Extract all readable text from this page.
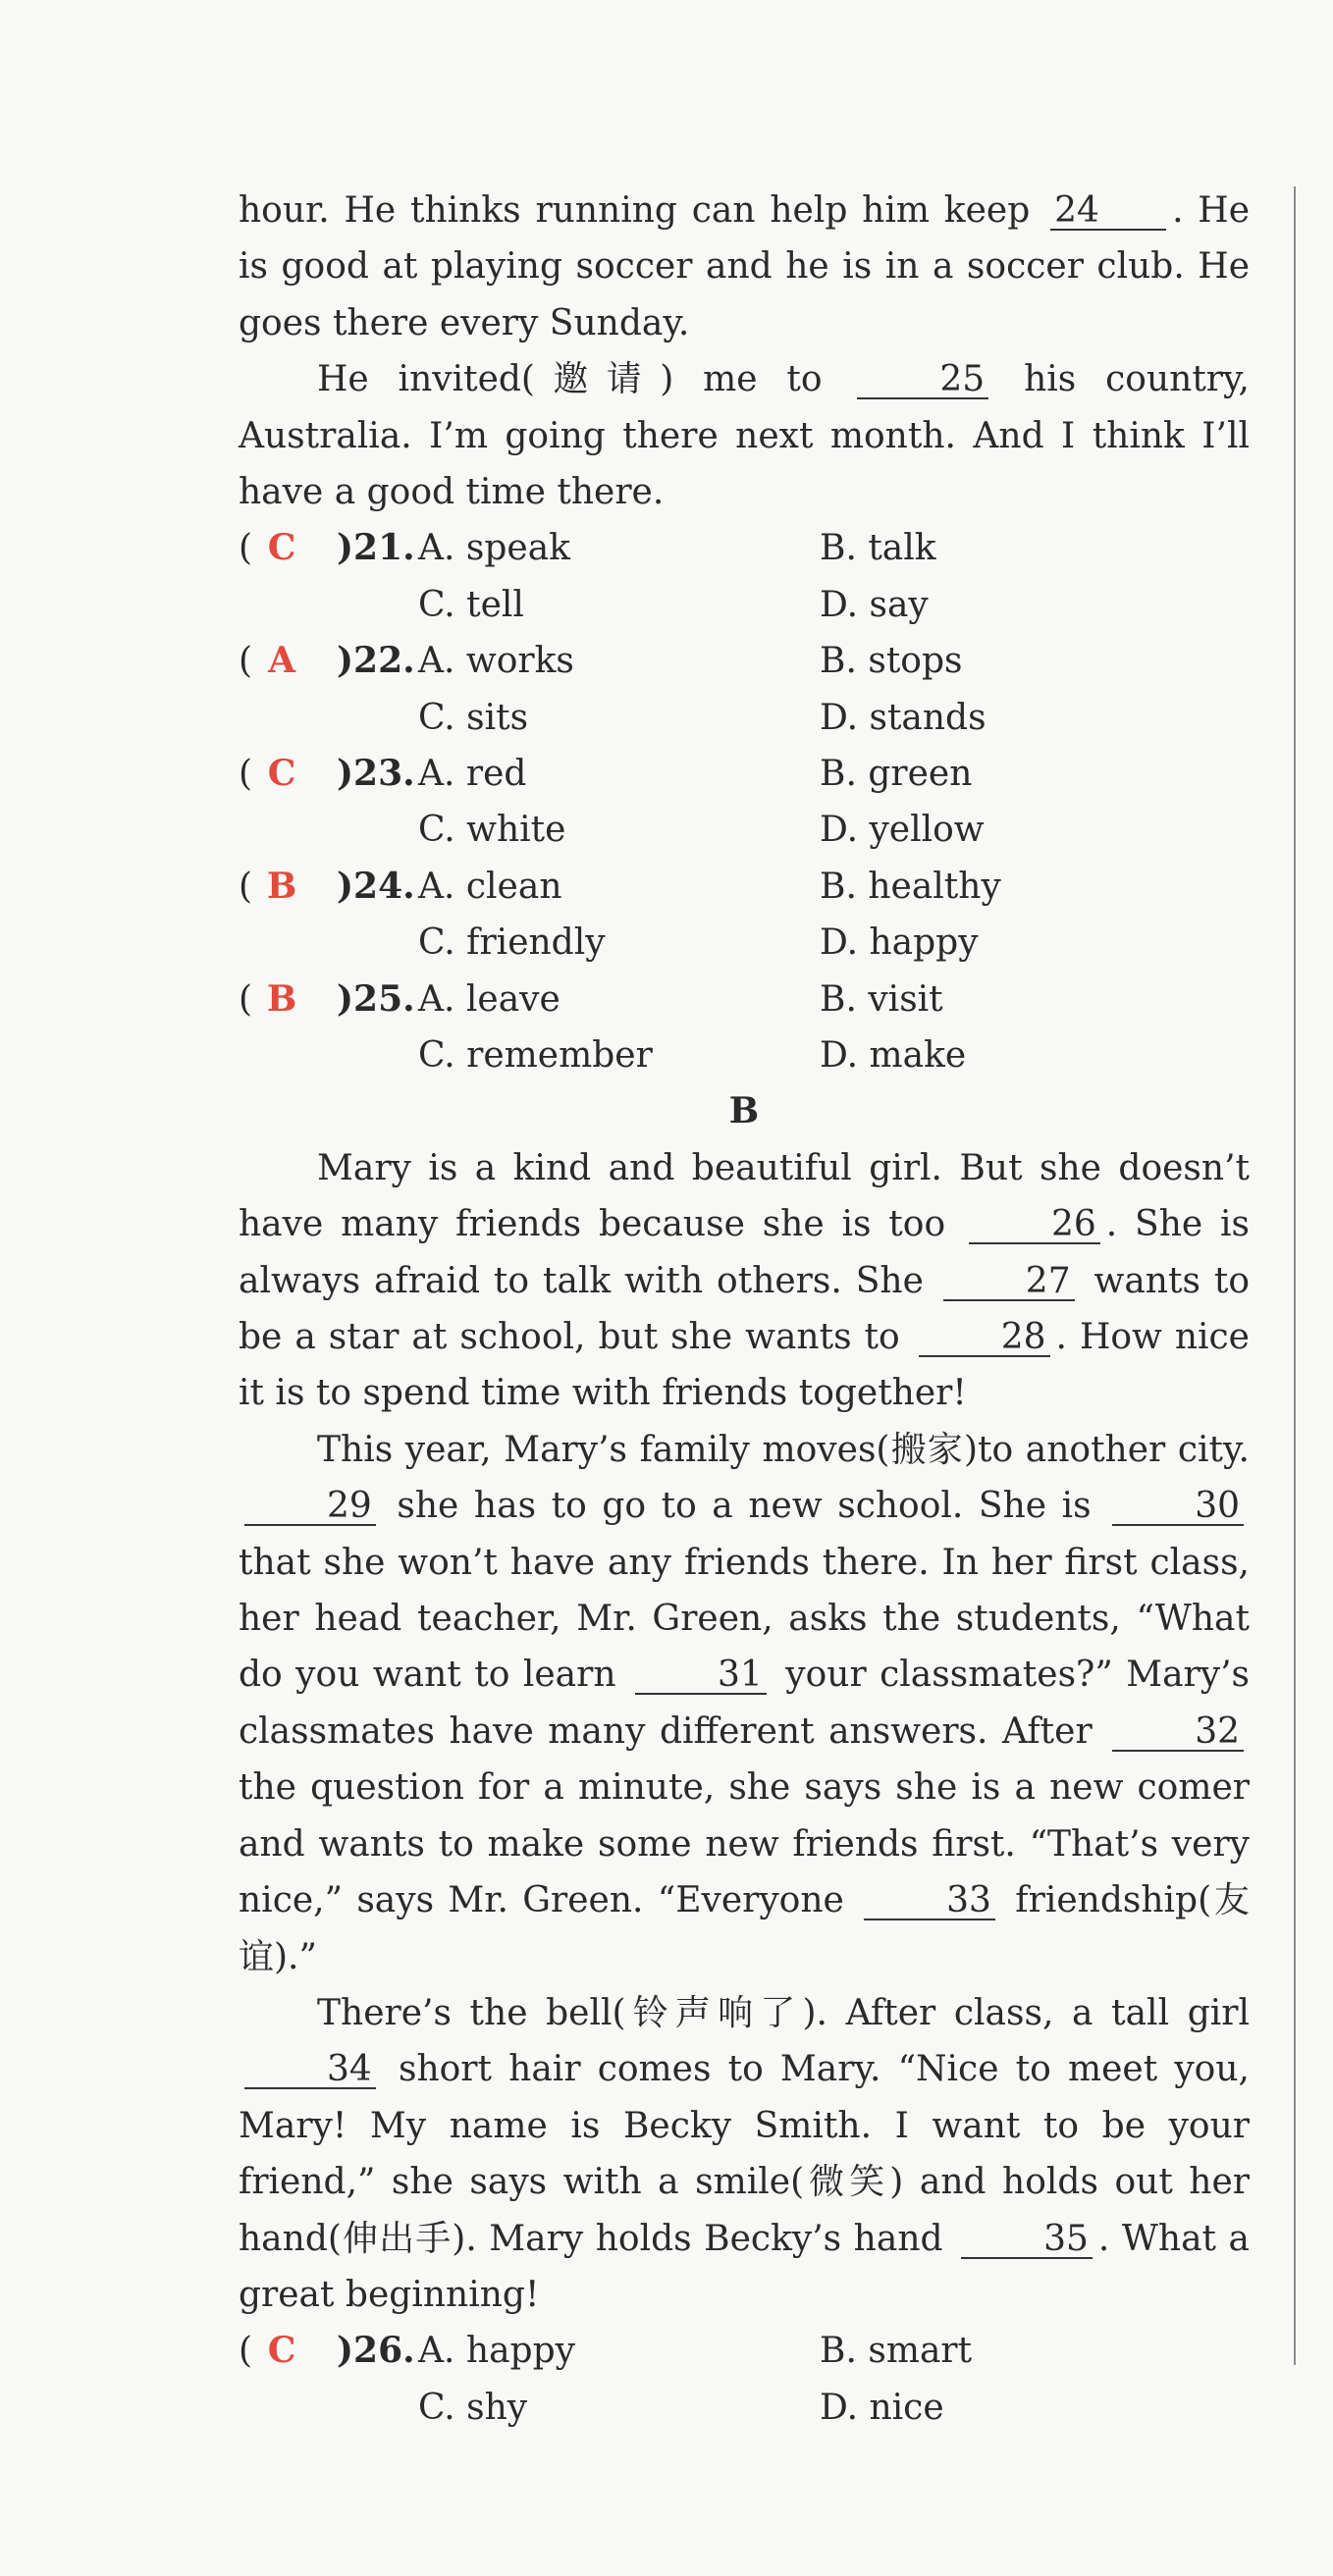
hour. He thinks running can help him keep 24 . He is good at playing soccer and he is in a soccer club. He goes there every Sunday.

He invited(邀请) me to	25 his country, Australia. I’m going there next month. And I think I’ll have a good time there.

( C	)21. A. speak	B. talk
C. tell	D. say
( A	)22. A. works	B. stops
C. sits	D. stands
( C	)23. A. red	B. green
C. white	D. yellow
( B	)24. A. clean	B. healthy
C. friendly	D. happy
( B	)25. A. leave	B. visit
C. remember	D. make

B

Mary is a kind and beautiful girl. But she doesn’t have many friends because she is too	26 . She is always afraid to talk with others. She	27 wants to be a star at school, but she wants to	28 . How nice it is to spend time with friends together!

This year, Mary’s family moves(搬家)to another city. 29 she has to go to a new school. She is	30 that she won’t have any friends there. In her first class, her head teacher, Mr. Green, asks the students, “What do you want to learn	31 your classmates?” Mary’s classmates have many different answers. After	32 the question for a minute, she says she is a new comer and wants to make some new friends first. “That’s very nice,” says Mr. Green. “Everyone	33 friendship(友谊).”

There’s the bell(铃声响了). After class, a tall girl 34 short hair comes to Mary. “Nice to meet you, Mary! My name is Becky Smith. I want to be your friend,” she says with a smile(微笑) and holds out her hand(伸出手). Mary holds Becky’s hand	35 . What a great beginning!

( C	)26. A. happy	B. smart
C. shy	D. nice
